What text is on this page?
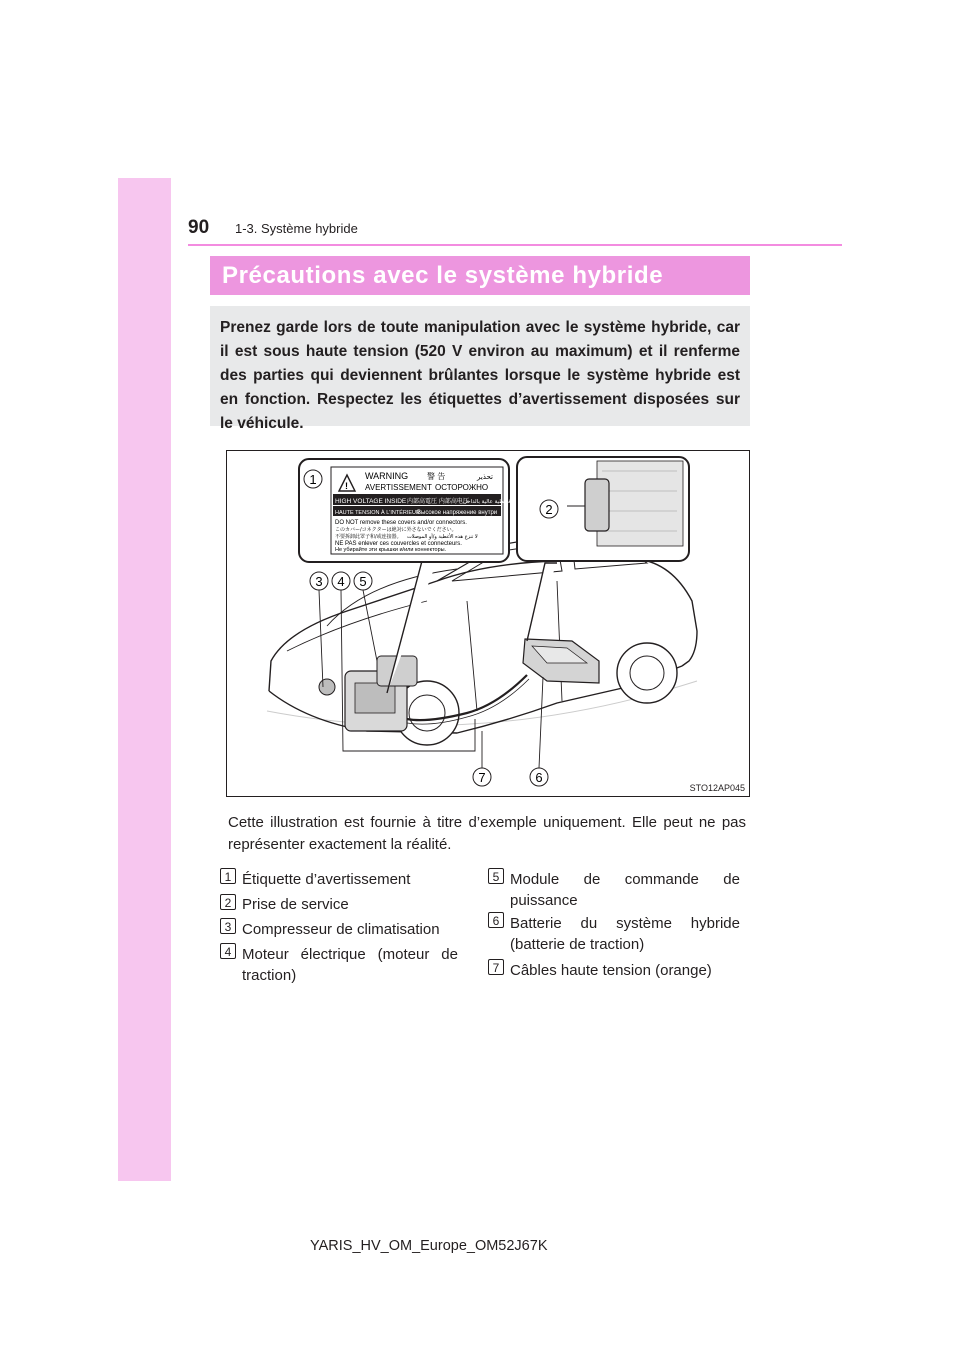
90 1-3. Système hybride
Précautions avec le système hybride
Prenez garde lors de toute manipulation avec le système hybride, car il est sous haute tension (520 V environ au maximum) et il renferme des parties qui deviennent brûlantes lorsque le système hybride est en fonction. Respectez les étiquettes d’avertissement disposées sur le véhicule.
!
WARNING 警 告	تحذير
AVERTISSEMENT ОСТОРОЖНО
HIGH VOLTAGE INSIDE 内部高電圧 内部高电压
فولطية عالية بالداخل
HAUTE TENSION À L'INTÉRIEUR
Высокое напряжение внутри
DO NOT remove these covers and/or connectors.
このカバー/コネクターは絶対に外さないでください。
不要拆卸此罩子和/或连接器。 لا تنزع هذه الأغطية و/أو الموصلات
NE PAS enlever ces couvercles et connecteurs.
Не убирайте эти крышки и/или коннекторы.
1
2
3 4 5
6
7
STO12AP045
Cette illustration est fournie à titre d’exemple uniquement. Elle peut ne pas représenter exactement la réalité.
1 Étiquette d’avertissement
2 Prise de service
3 Compresseur de climatisation
4 Moteur électrique (moteur de traction)
5 Module de commande de puissance
6 Batterie du système hybride (batterie de traction)
7 Câbles haute tension (orange)
YARIS_HV_OM_Europe_OM52J67K
